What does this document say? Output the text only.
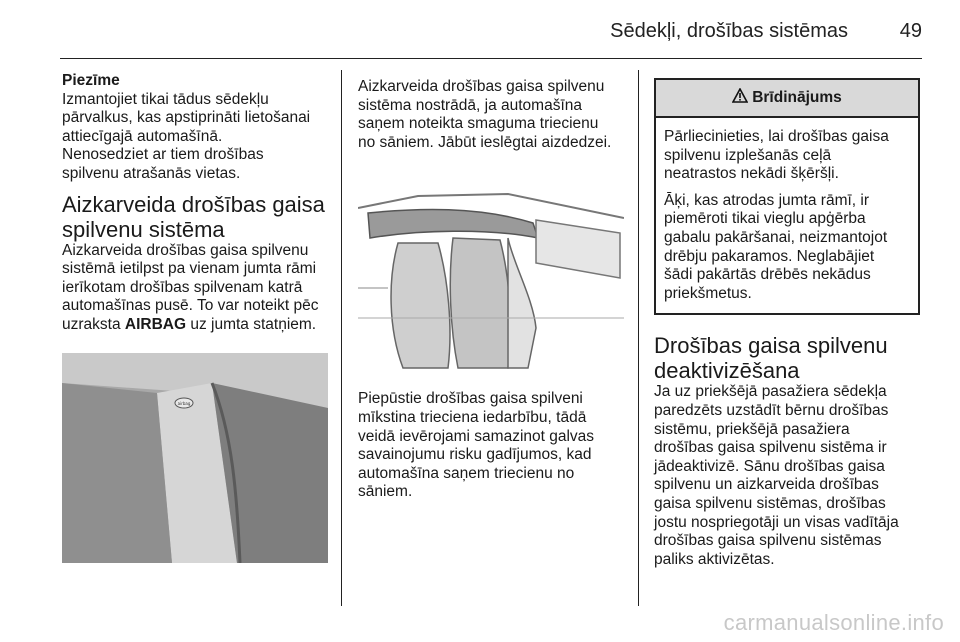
Sēdekļi, drošības sistēmas	49
Piezīme
Izmantojiet tikai tādus sēdekļu
pārvalkus, kas apstiprināti lietošanai
attiecīgajā automašīnā.
Nenosedziet ar tiem drošības
spilvenu atrašanās vietas.
Aizkarveida drošības gaisa
spilvenu sistēma
Aizkarveida drošības gaisa spilvenu
sistēmā ietilpst pa vienam jumta rāmi
ierīkotam drošības spilvenam katrā
automašīnas pusē. To var noteikt pēc
uzraksta AIRBAG uz jumta statņiem.
airbag
Aizkarveida drošības gaisa spilvenu
sistēma nostrādā, ja automašīna
saņem noteikta smaguma triecienu
no sāniem. Jābūt ieslēgtai aizdedzei.
Piepūstie drošības gaisa spilveni
mīkstina trieciena iedarbību, tādā
veidā ievērojami samazinot galvas
savainojumu risku gadījumos, kad
automašīna saņem triecienu no
sāniem.
Brīdinājums

Pārliecinieties, lai drošības gaisa
spilvenu izplešanās ceļā
neatrastos nekādi šķēršļi.

Āķi, kas atrodas jumta rāmī, ir
piemēroti tikai vieglu apģērba
gabalu pakāršanai, neizmantojot
drēbju pakaramos. Neglabājiet
šādi pakārtās drēbēs nekādus
priekšmetus.

Drošības gaisa spilvenu
deaktivizēšana
Ja uz priekšējā pasažiera sēdekļa
paredzēts uzstādīt bērnu drošības
sistēmu, priekšējā pasažiera
drošības gaisa spilvenu sistēma ir
jādeaktivizē. Sānu drošības gaisa
spilvenu un aizkarveida drošības
gaisa spilvenu sistēmas, drošības
jostu nospriegotāji un visas vadītāja
drošības gaisa spilvenu sistēmas
paliks aktivizētas.
carmanualsonline.info
